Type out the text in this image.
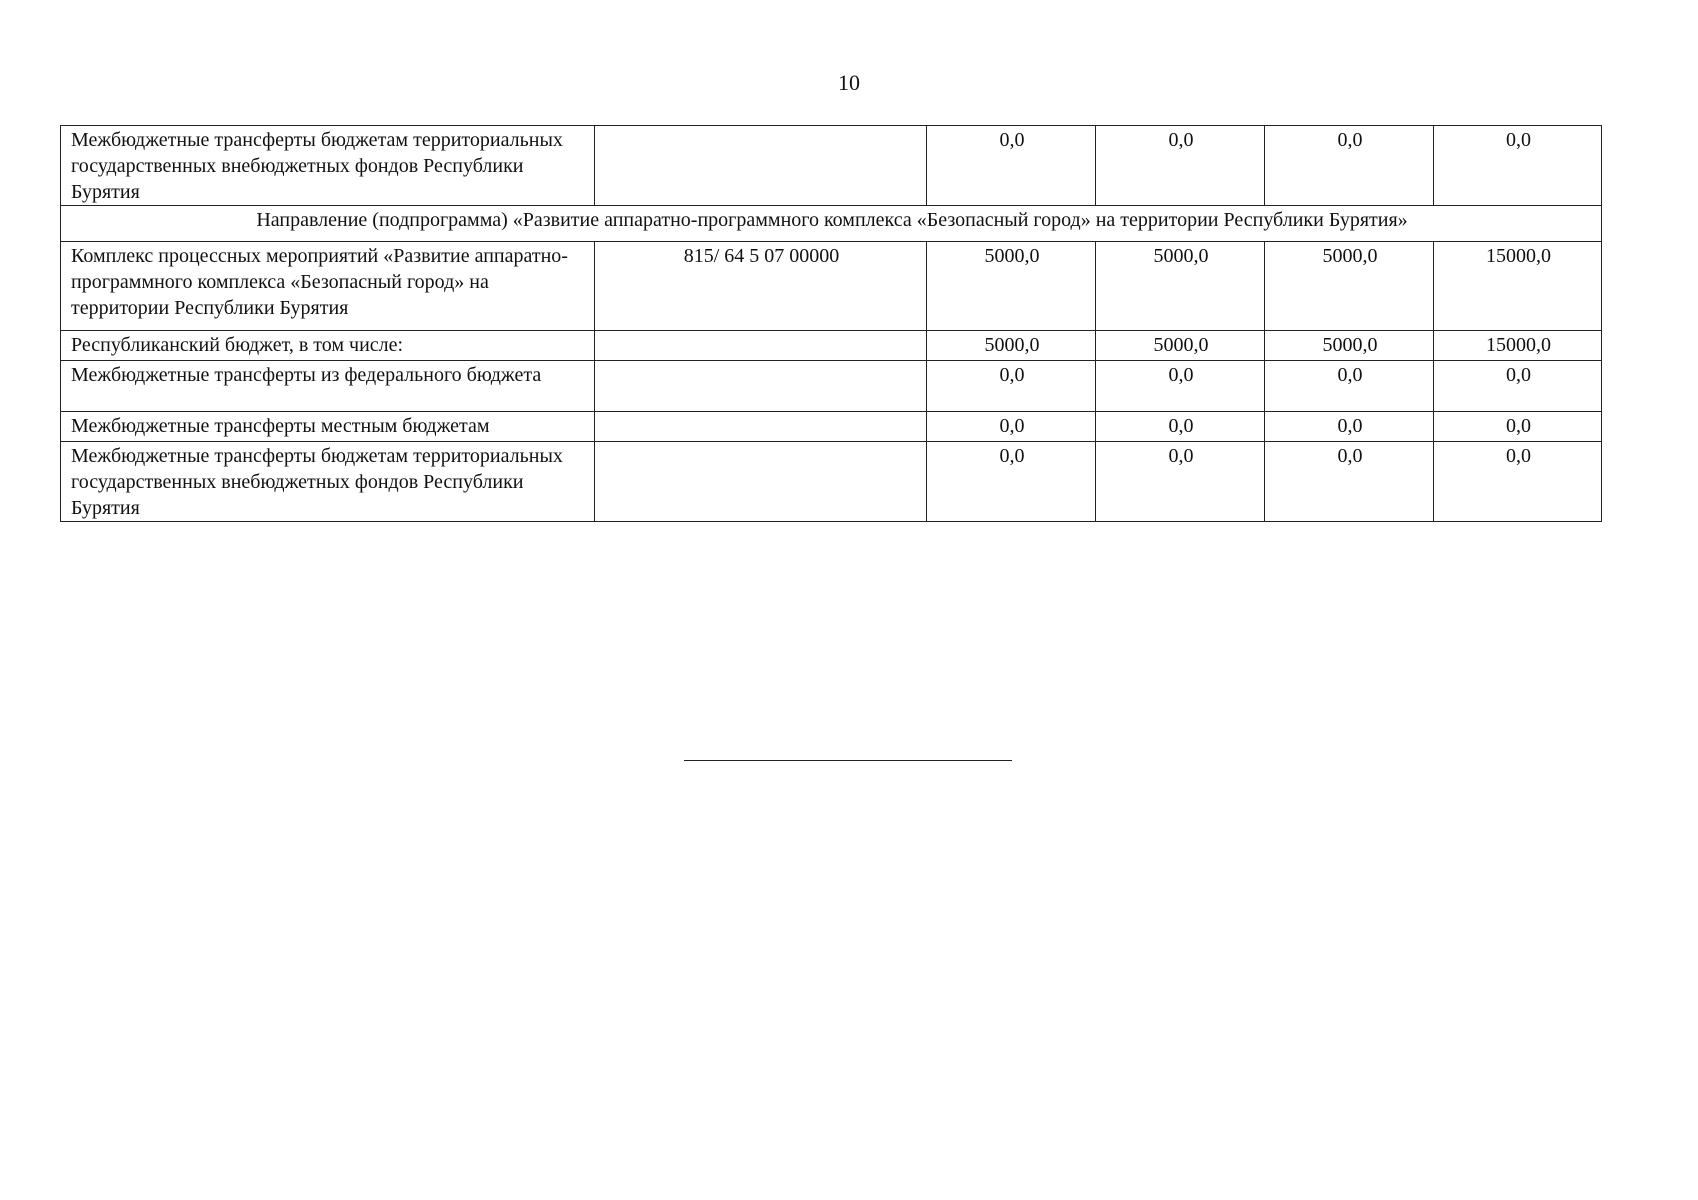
10
Межбюджетные трансферты бюджетам территориальных государственных внебюджетных фондов Республики Бурятия		0,0	0,0	0,0	0,0
Направление (подпрограмма) «Развитие аппаратно-программного комплекса «Безопасный город» на территории Республики Бурятия»					
Комплекс процессных мероприятий «Развитие аппаратно-программного комплекса «Безопасный город» на территории Республики Бурятия	815/ 64 5 07 00000	5000,0	5000,0	5000,0	15000,0
Республиканский бюджет, в том числе:		5000,0	5000,0	5000,0	15000,0
Межбюджетные трансферты из федерального бюджета		0,0	0,0	0,0	0,0
Межбюджетные трансферты местным бюджетам		0,0	0,0	0,0	0,0
Межбюджетные трансферты бюджетам территориальных государственных внебюджетных фондов Республики Бурятия		0,0	0,0	0,0	0,0
